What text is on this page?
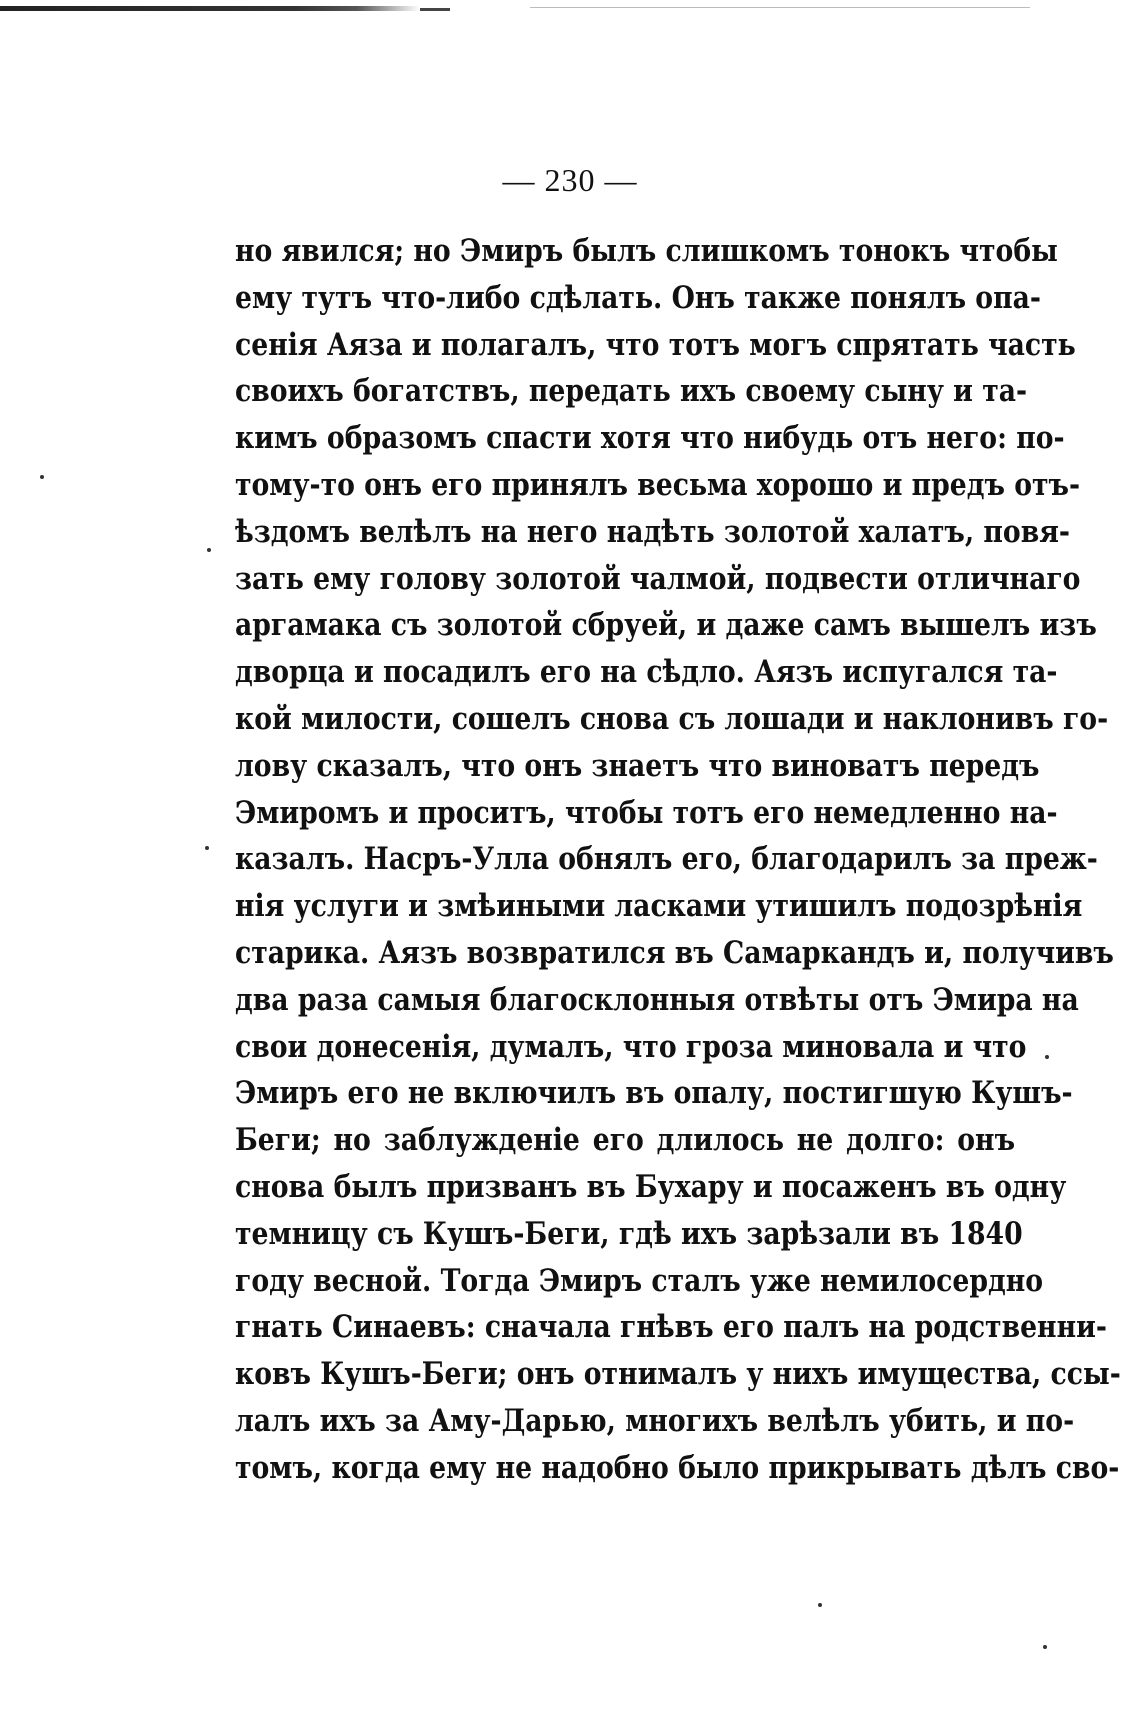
— 230 —
но явился; но Эмиръ былъ слишкомъ тонокъ чтобы
ему тутъ что-либо сдѣлать. Онъ также понялъ опа-
сенія Аяза и полагалъ, что тотъ могъ спрятать часть
своихъ богатствъ, передать ихъ своему сыну и та-
кимъ образомъ спасти хотя что нибудь отъ него: по-
тому-то онъ его принялъ весьма хорошо и предъ отъ-
ѣздомъ велѣлъ на него надѣть золотой халатъ, повя-
зать ему голову золотой чалмой, подвести отличнаго
аргамака съ золотой сбруей, и даже самъ вышелъ изъ
дворца и посадилъ его на сѣдло. Аязъ испугался та-
кой милости, сошелъ снова съ лошади и наклонивъ го-
лову сказалъ, что онъ знаетъ что виноватъ передъ
Эмиромъ и проситъ, чтобы тотъ его немедленно на-
казалъ. Насръ-Улла обнялъ его, благодарилъ за преж-
нія услуги и змѣиными ласками утишилъ подозрѣнія
старика. Аязъ возвратился въ Самаркандъ и, получивъ
два раза самыя благосклонныя отвѣты отъ Эмира на
свои донесенія, думалъ, что гроза миновала и что
Эмиръ его не включилъ въ опалу, постигшую Кушъ-
Беги; но заблужденіе его длилось не долго: онъ
снова былъ призванъ въ Бухару и посаженъ въ одну
темницу съ Кушъ-Беги, гдѣ ихъ зарѣзали въ 1840
году весной. Тогда Эмиръ сталъ уже немилосердно
гнать Синаевъ: сначала гнѣвъ его палъ на родственни-
ковъ Кушъ-Беги; онъ отнималъ у нихъ имущества, ссы-
лалъ ихъ за Аму-Дарью, многихъ велѣлъ убить, и по-
томъ, когда ему не надобно было прикрывать дѣлъ сво-
